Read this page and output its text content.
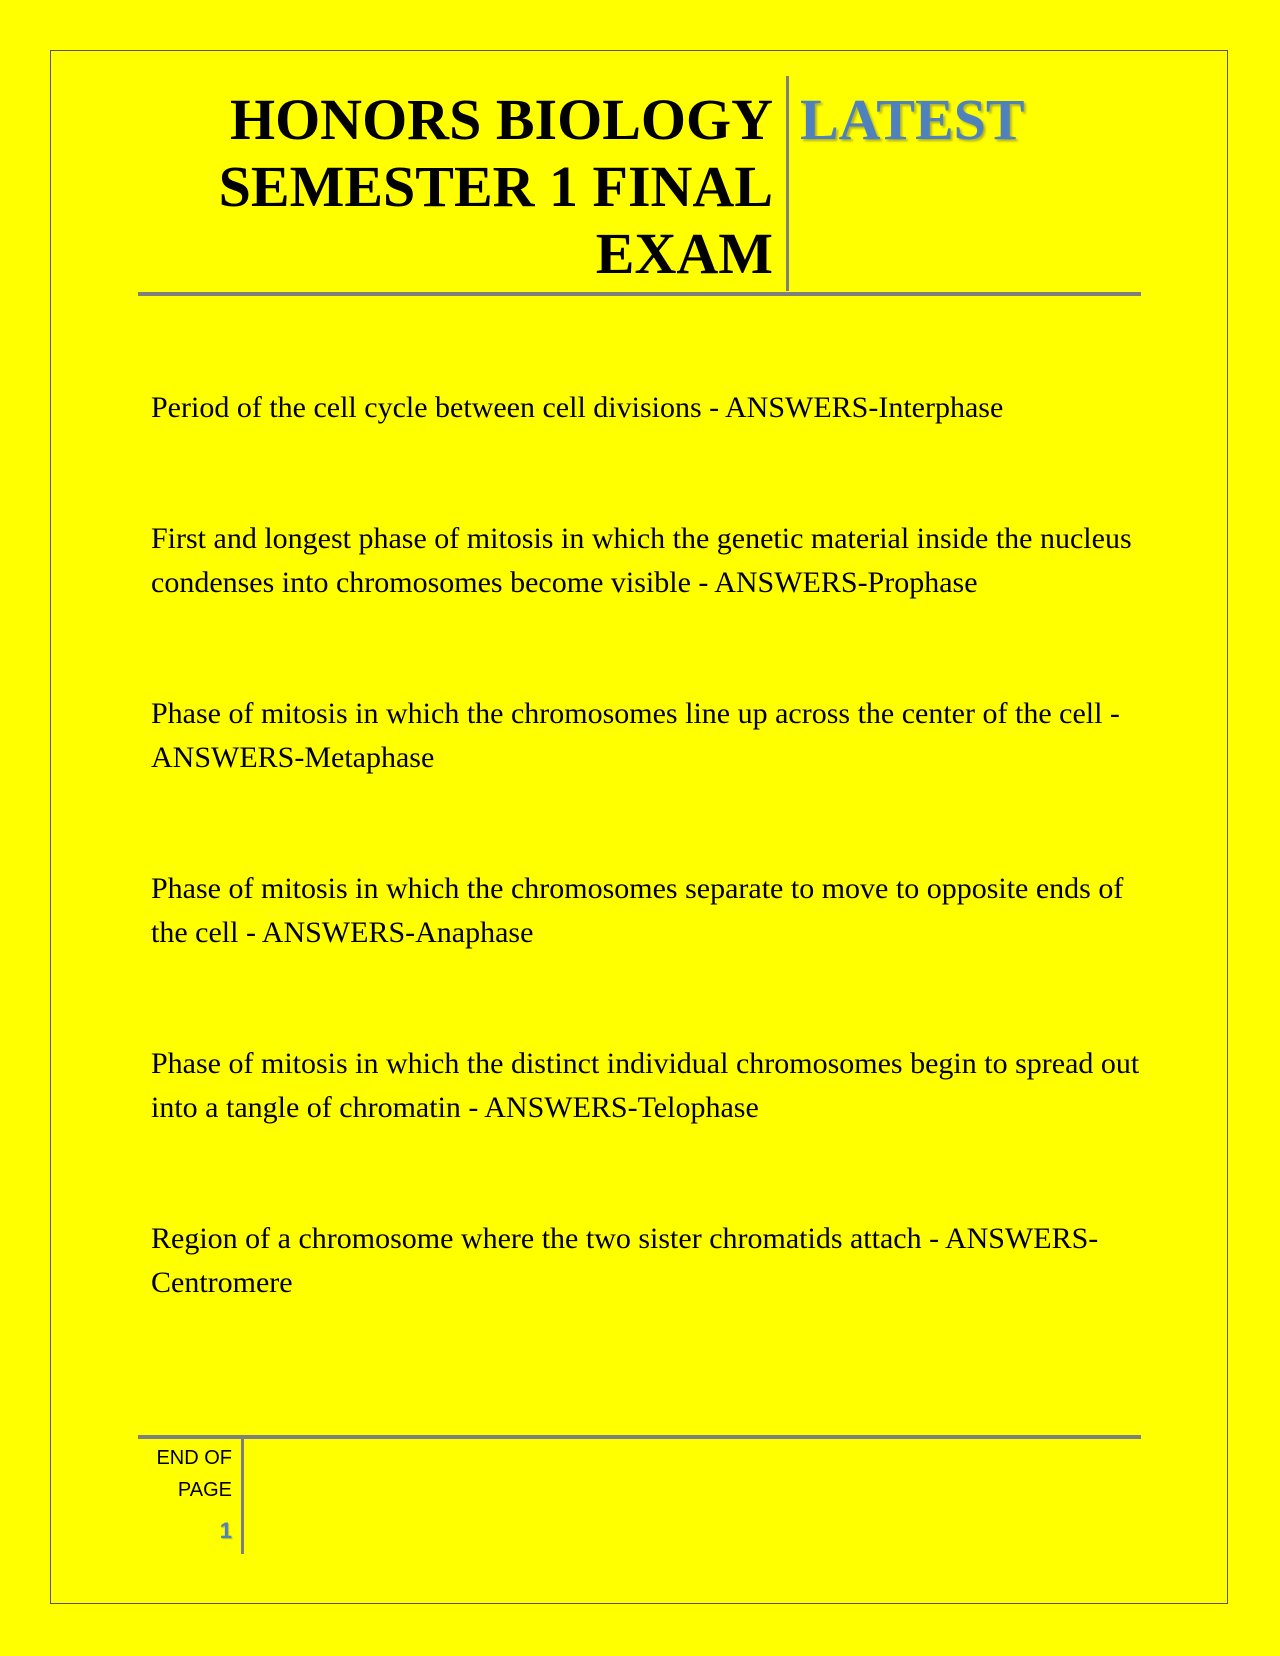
HONORS BIOLOGY
SEMESTER 1 FINAL
EXAM
LATEST

Period of the cell cycle between cell divisions - ANSWERS-Interphase

First and longest phase of mitosis in which the genetic material inside the nucleus condenses into chromosomes become visible - ANSWERS-Prophase

Phase of mitosis in which the chromosomes line up across the center of the cell - ANSWERS-Metaphase

Phase of mitosis in which the chromosomes separate to move to opposite ends of the cell - ANSWERS-Anaphase

Phase of mitosis in which the distinct individual chromosomes begin to spread out into a tangle of chromatin - ANSWERS-Telophase

Region of a chromosome where the two sister chromatids attach - ANSWERS-Centromere

END OF
PAGE
1
